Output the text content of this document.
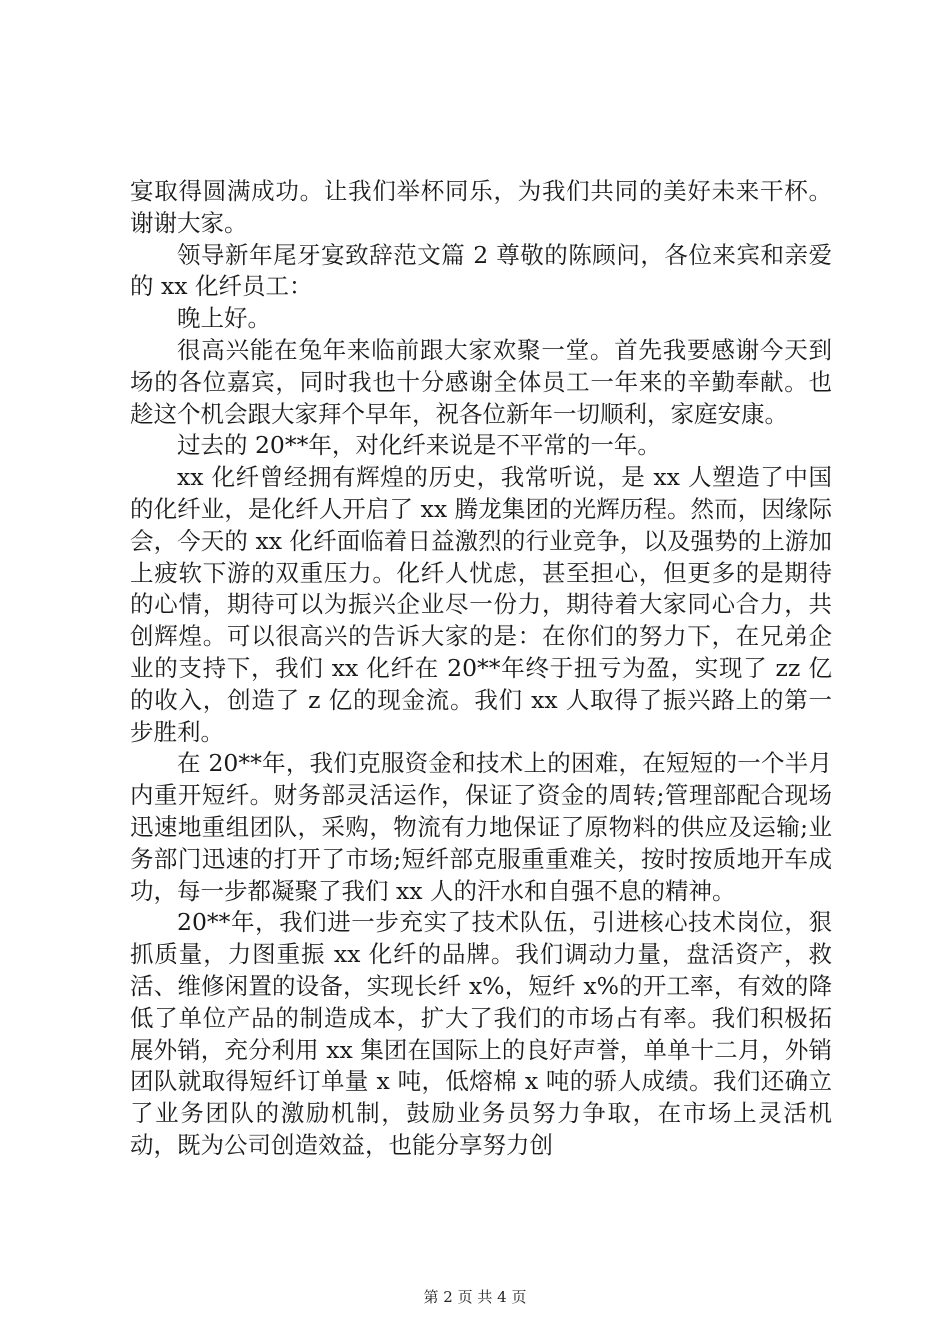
宴取得圆满成功。让我们举杯同乐，为我们共同的美好未来干杯。谢谢大家。

领导新年尾牙宴致辞范文篇 2 尊敬的陈顾问，各位来宾和亲爱的 xx 化纤员工：

晚上好。

很高兴能在兔年来临前跟大家欢聚一堂。首先我要感谢今天到场的各位嘉宾，同时我也十分感谢全体员工一年来的辛勤奉献。也趁这个机会跟大家拜个早年，祝各位新年一切顺利，家庭安康。

过去的 20**年，对化纤来说是不平常的一年。

xx 化纤曾经拥有辉煌的历史，我常听说，是 xx 人塑造了中国的化纤业，是化纤人开启了 xx 腾龙集团的光辉历程。然而，因缘际会，今天的 xx 化纤面临着日益激烈的行业竞争，以及强势的上游加上疲软下游的双重压力。化纤人忧虑，甚至担心，但更多的是期待的心情，期待可以为振兴企业尽一份力，期待着大家同心合力，共创辉煌。可以很高兴的告诉大家的是：在你们的努力下，在兄弟企业的支持下，我们 xx 化纤在 20**年终于扭亏为盈，实现了 zz 亿的收入，创造了 z 亿的现金流。我们 xx 人取得了振兴路上的第一步胜利。

在 20**年，我们克服资金和技术上的困难，在短短的一个半月内重开短纤。财务部灵活运作，保证了资金的周转;管理部配合现场迅速地重组团队，采购，物流有力地保证了原物料的供应及运输;业务部门迅速的打开了市场;短纤部克服重重难关，按时按质地开车成功，每一步都凝聚了我们 xx 人的汗水和自强不息的精神。

20**年，我们进一步充实了技术队伍，引进核心技术岗位，狠抓质量，力图重振 xx 化纤的品牌。我们调动力量，盘活资产，救活、维修闲置的设备，实现长纤 x%，短纤 x%的开工率，有效的降低了单位产品的制造成本，扩大了我们的市场占有率。我们积极拓展外销，充分利用 xx 集团在国际上的良好声誉，单单十二月，外销团队就取得短纤订单量 x 吨，低熔棉 x 吨的骄人成绩。我们还确立了业务团队的激励机制，鼓励业务员努力争取，在市场上灵活机动，既为公司创造效益，也能分享努力创

第 2 页 共 4 页
